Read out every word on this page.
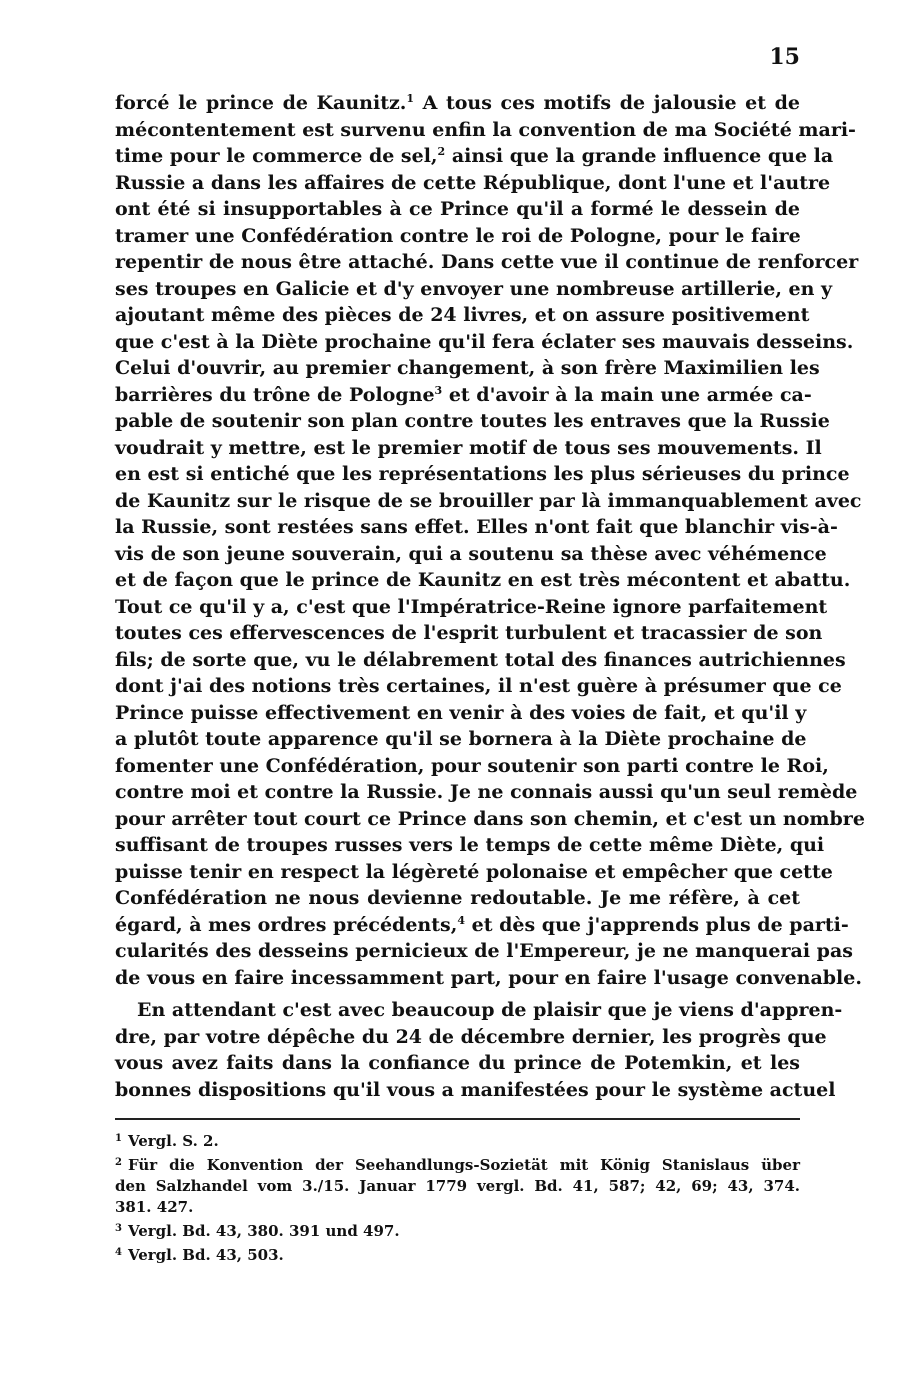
15
forcé le prince de Kaunitz.$^1$ A tous ces motifs de jalousie et de
mécontentement est survenu enfin la convention de ma Société mari-
time pour le commerce de sel,$^2$ ainsi que la grande influence que la
Russie a dans les affaires de cette République, dont l'une et l'autre
ont été si insupportables à ce Prince qu'il a formé le dessein de
tramer une Confédération contre le roi de Pologne, pour le faire
repentir de nous être attaché. Dans cette vue il continue de renforcer
ses troupes en Galicie et d'y envoyer une nombreuse artillerie, en y
ajoutant même des pièces de 24 livres, et on assure positivement
que c'est à la Diète prochaine qu'il fera éclater ses mauvais desseins.
Celui d'ouvrir, au premier changement, à son frère Maximilien les
barrières du trône de Pologne$^3$ et d'avoir à la main une armée ca-
pable de soutenir son plan contre toutes les entraves que la Russie
voudrait y mettre, est le premier motif de tous ses mouvements. Il
en est si entiché que les représentations les plus sérieuses du prince
de Kaunitz sur le risque de se brouiller par là immanquablement avec
la Russie, sont restées sans effet. Elles n'ont fait que blanchir vis-à-
vis de son jeune souverain, qui a soutenu sa thèse avec véhémence
et de façon que le prince de Kaunitz en est très mécontent et abattu.
Tout ce qu'il y a, c'est que l'Impératrice-Reine ignore parfaitement
toutes ces effervescences de l'esprit turbulent et tracassier de son
fils; de sorte que, vu le délabrement total des finances autrichiennes
dont j'ai des notions très certaines, il n'est guère à présumer que ce
Prince puisse effectivement en venir à des voies de fait, et qu'il y
a plutôt toute apparence qu'il se bornera à la Diète prochaine de
fomenter une Confédération, pour soutenir son parti contre le Roi,
contre moi et contre la Russie. Je ne connais aussi qu'un seul remède
pour arrêter tout court ce Prince dans son chemin, et c'est un nombre
suffisant de troupes russes vers le temps de cette même Diète, qui
puisse tenir en respect la légèreté polonaise et empêcher que cette
Confédération ne nous devienne redoutable. Je me réfère, à cet
égard, à mes ordres précédents,$^4$ et dès que j'apprends plus de parti-
cularités des desseins pernicieux de l'Empereur, je ne manquerai pas
de vous en faire incessamment part, pour en faire l'usage convenable.
En attendant c'est avec beaucoup de plaisir que je viens d'appren-
dre, par votre dépêche du 24 de décembre dernier, les progrès que
vous avez faits dans la confiance du prince de Potemkin, et les
bonnes dispositions qu'il vous a manifestées pour le système actuel
$^1$ Vergl. S. 2.
$^2$ Für die Konvention der Seehandlungs-Sozietät mit König Stanislaus über
den Salzhandel vom 3./15. Januar 1779 vergl. Bd. 41, 587; 42, 69; 43, 374.
381. 427.
$^3$ Vergl. Bd. 43, 380. 391 und 497.
$^4$ Vergl. Bd. 43, 503.
